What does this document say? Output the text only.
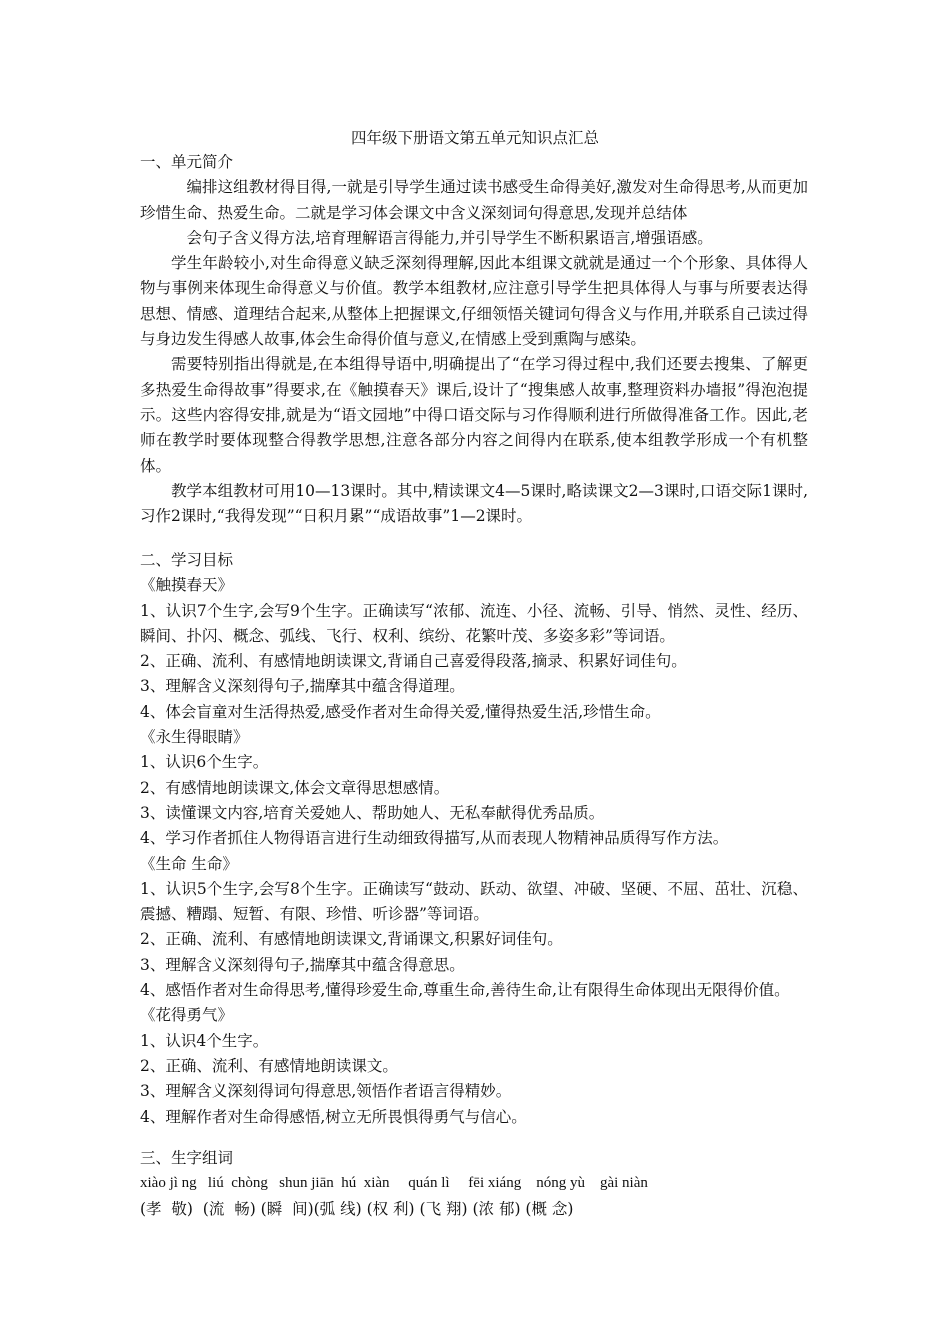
四年级下册语文第五单元知识点汇总

一、单元简介

编排这组教材得目得,一就是引导学生通过读书感受生命得美好,激发对生命得思考,从而更加珍惜生命、热爱生命。二就是学习体会课文中含义深刻词句得意思,发现并总结体

会句子含义得方法,培育理解语言得能力,并引导学生不断积累语言,增强语感。

学生年龄较小,对生命得意义缺乏深刻得理解,因此本组课文就就是通过一个个形象、具体得人物与事例来体现生命得意义与价值。教学本组教材,应注意引导学生把具体得人与事与所要表达得思想、情感、道理结合起来,从整体上把握课文,仔细领悟关键词句得含义与作用,并联系自己读过得与身边发生得感人故事,体会生命得价值与意义,在情感上受到熏陶与感染。

需要特别指出得就是,在本组得导语中,明确提出了“在学习得过程中,我们还要去搜集、了解更多热爱生命得故事”得要求,在《触摸春天》课后,设计了“搜集感人故事,整理资料办墙报”得泡泡提示。这些内容得安排,就是为“语文园地”中得口语交际与习作得顺利进行所做得准备工作。因此,老师在教学时要体现整合得教学思想,注意各部分内容之间得内在联系,使本组教学形成一个有机整体。

教学本组教材可用10—13课时。其中,精读课文4—5课时,略读课文2—3课时,口语交际1课时,习作2课时,“我得发现”“日积月累”“成语故事”1—2课时。

二、学习目标

《触摸春天》

1、认识7个生字,会写9个生字。正确读写“浓郁、流连、小径、流畅、引导、悄然、灵性、经历、瞬间、扑闪、概念、弧线、飞行、权利、缤纷、花繁叶茂、多姿多彩”等词语。

2、正确、流利、有感情地朗读课文,背诵自己喜爱得段落,摘录、积累好词佳句。

3、理解含义深刻得句子,揣摩其中蕴含得道理。

4、体会盲童对生活得热爱,感受作者对生命得关爱,懂得热爱生活,珍惜生命。

《永生得眼睛》

1、认识6个生字。

2、有感情地朗读课文,体会文章得思想感情。

3、读懂课文内容,培育关爱她人、帮助她人、无私奉献得优秀品质。

4、学习作者抓住人物得语言进行生动细致得描写,从而表现人物精神品质得写作方法。

《生命 生命》

1、认识5个生字,会写8个生字。正确读写“鼓动、跃动、欲望、冲破、坚硬、不屈、茁壮、沉稳、震撼、糟蹋、短暂、有限、珍惜、听诊器”等词语。

2、正确、流利、有感情地朗读课文,背诵课文,积累好词佳句。

3、理解含义深刻得句子,揣摩其中蕴含得意思。

4、感悟作者对生命得思考,懂得珍爱生命,尊重生命,善待生命,让有限得生命体现出无限得价值。

《花得勇气》

1、认识4个生字。

2、正确、流利、有感情地朗读课文。

3、理解含义深刻得词句得意思,领悟作者语言得精妙。

4、理解作者对生命得感悟,树立无所畏惧得勇气与信心。

三、生字组词

xiào jì ng   liú  chòng   shun jiān  hú  xiàn     quán lì     fēi xiáng    nóng yù    gài niàn

(孝  敬)  (流  畅) (瞬  间)(弧 线) (权 利) (飞 翔) (浓 郁) (概 念)
